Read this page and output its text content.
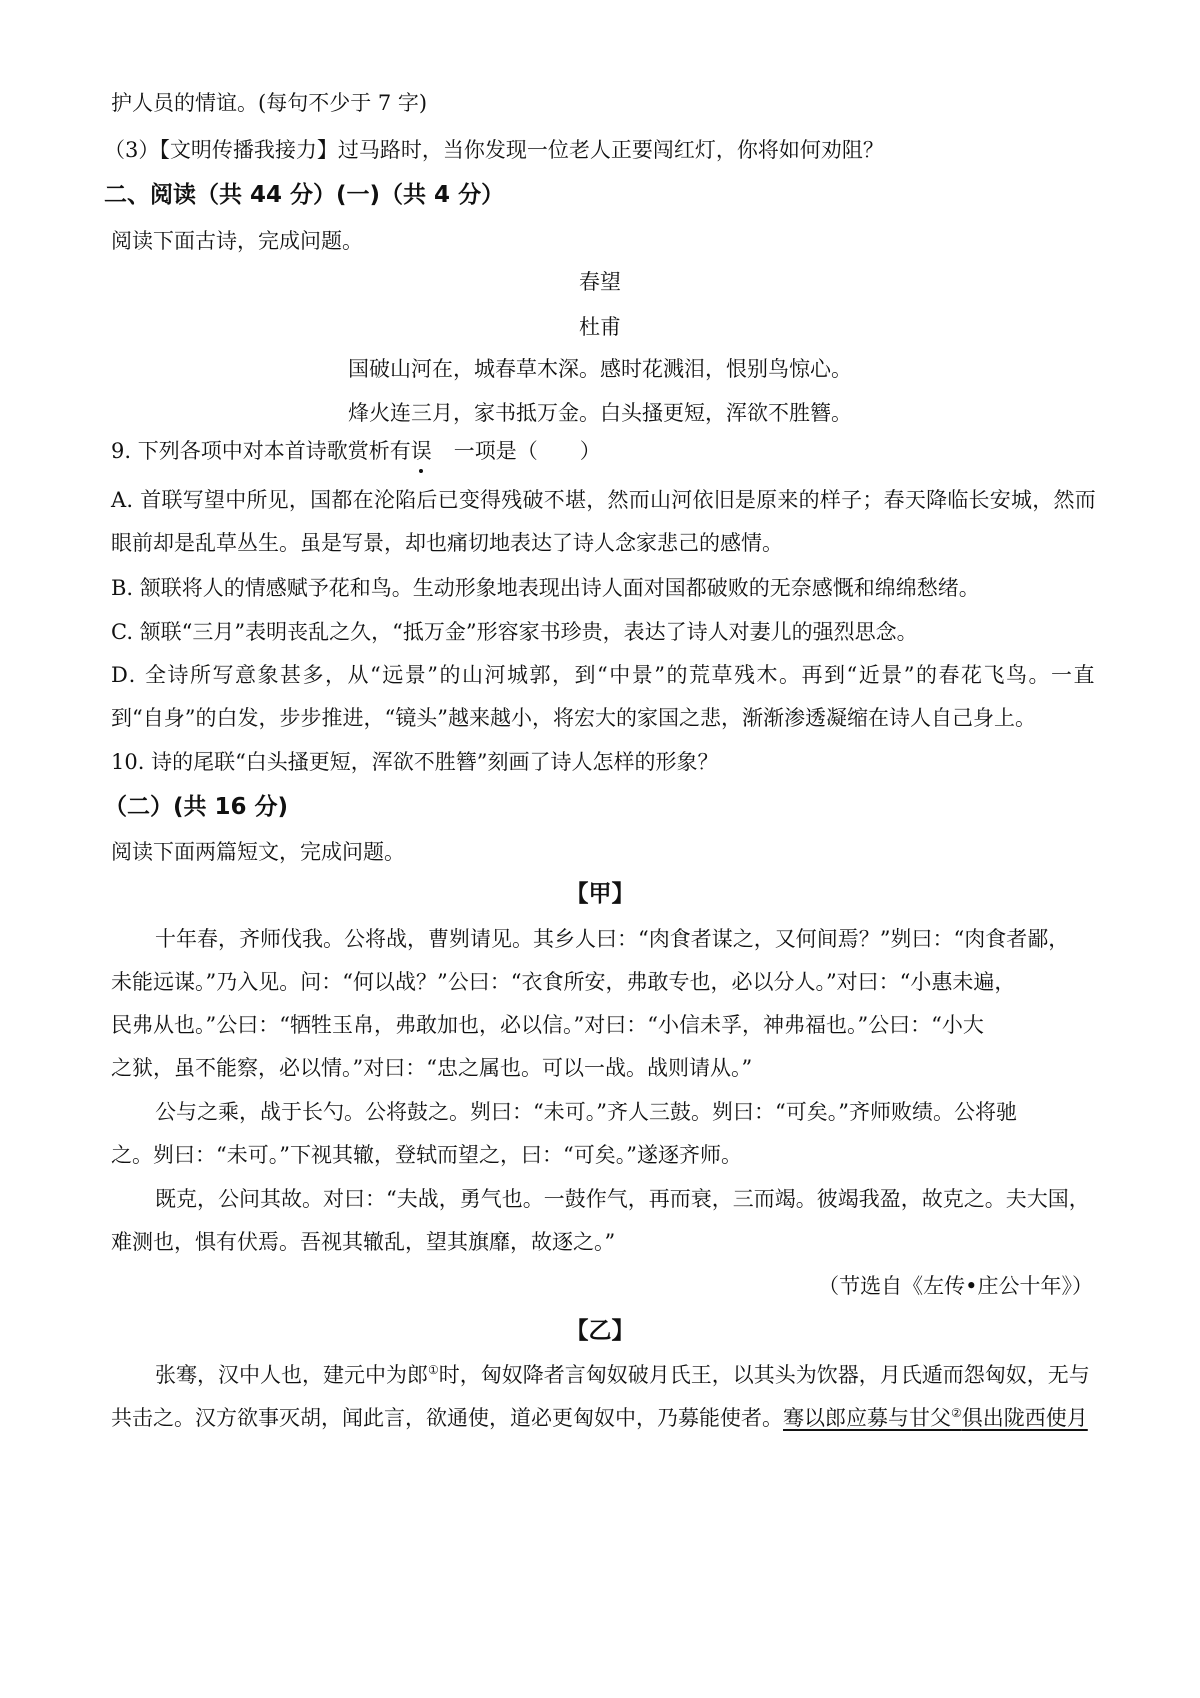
护人员的情谊。(每句不少于 7 字)
（3）【文明传播我接力】过马路时，当你发现一位老人正要闯红灯，你将如何劝阻？
二、阅读（共 44 分）(一)（共 4 分）
阅读下面古诗，完成问题。
春望
杜甫
国破山河在，城春草木深。感时花溅泪，恨别鸟惊心。
烽火连三月，家书抵万金。白头搔更短，浑欲不胜簪。
9. 下列各项中对本首诗歌赏析有误 一项是（　　）
A. 首联写望中所见，国都在沦陷后已变得残破不堪，然而山河依旧是原来的样子；春天降临长安城，然而
眼前却是乱草丛生。虽是写景，却也痛切地表达了诗人念家悲己的感情。
B. 颔联将人的情感赋予花和鸟。生动形象地表现出诗人面对国都破败的无奈感慨和绵绵愁绪。
C. 颔联“三月”表明丧乱之久，“抵万金”形容家书珍贵，表达了诗人对妻儿的强烈思念。
D. 全诗所写意象甚多，从“远景”的山河城郭，到“中景”的荒草残木。再到“近景”的春花飞鸟。一直
到“自身”的白发，步步推进，“镜头”越来越小，将宏大的家国之悲，渐渐渗透凝缩在诗人自己身上。
10. 诗的尾联“白头搔更短，浑欲不胜簪”刻画了诗人怎样的形象？
（二）(共 16 分)
阅读下面两篇短文，完成问题。
【甲】
十年春，齐师伐我。公将战，曹刿请见。其乡人曰：“肉食者谋之，又何间焉？”刿曰：“肉食者鄙，
未能远谋。”乃入见。问：“何以战？”公曰：“衣食所安，弗敢专也，必以分人。”对曰：“小惠未遍，
民弗从也。”公曰：“牺牲玉帛，弗敢加也，必以信。”对曰：“小信未孚，神弗福也。”公曰：“小大
之狱，虽不能察，必以情。”对曰：“忠之属也。可以一战。战则请从。”
公与之乘，战于长勺。公将鼓之。刿曰：“未可。”齐人三鼓。刿曰：“可矣。”齐师败绩。公将驰
之。刿曰：“未可。”下视其辙，登轼而望之，曰：“可矣。”遂逐齐师。
既克，公问其故。对曰：“夫战，勇气也。一鼓作气，再而衰，三而竭。彼竭我盈，故克之。夫大国，
难测也，惧有伏焉。吾视其辙乱，望其旗靡，故逐之。”
（节选自《左传•庄公十年》）
【乙】
张骞，汉中人也，建元中为郎①时，匈奴降者言匈奴破月氏王，以其头为饮器，月氏遁而怨匈奴，无与
共击之。汉方欲事灭胡，闻此言，欲通使，道必更匈奴中，乃募能使者。骞以郎应募与甘父②俱出陇西使月
